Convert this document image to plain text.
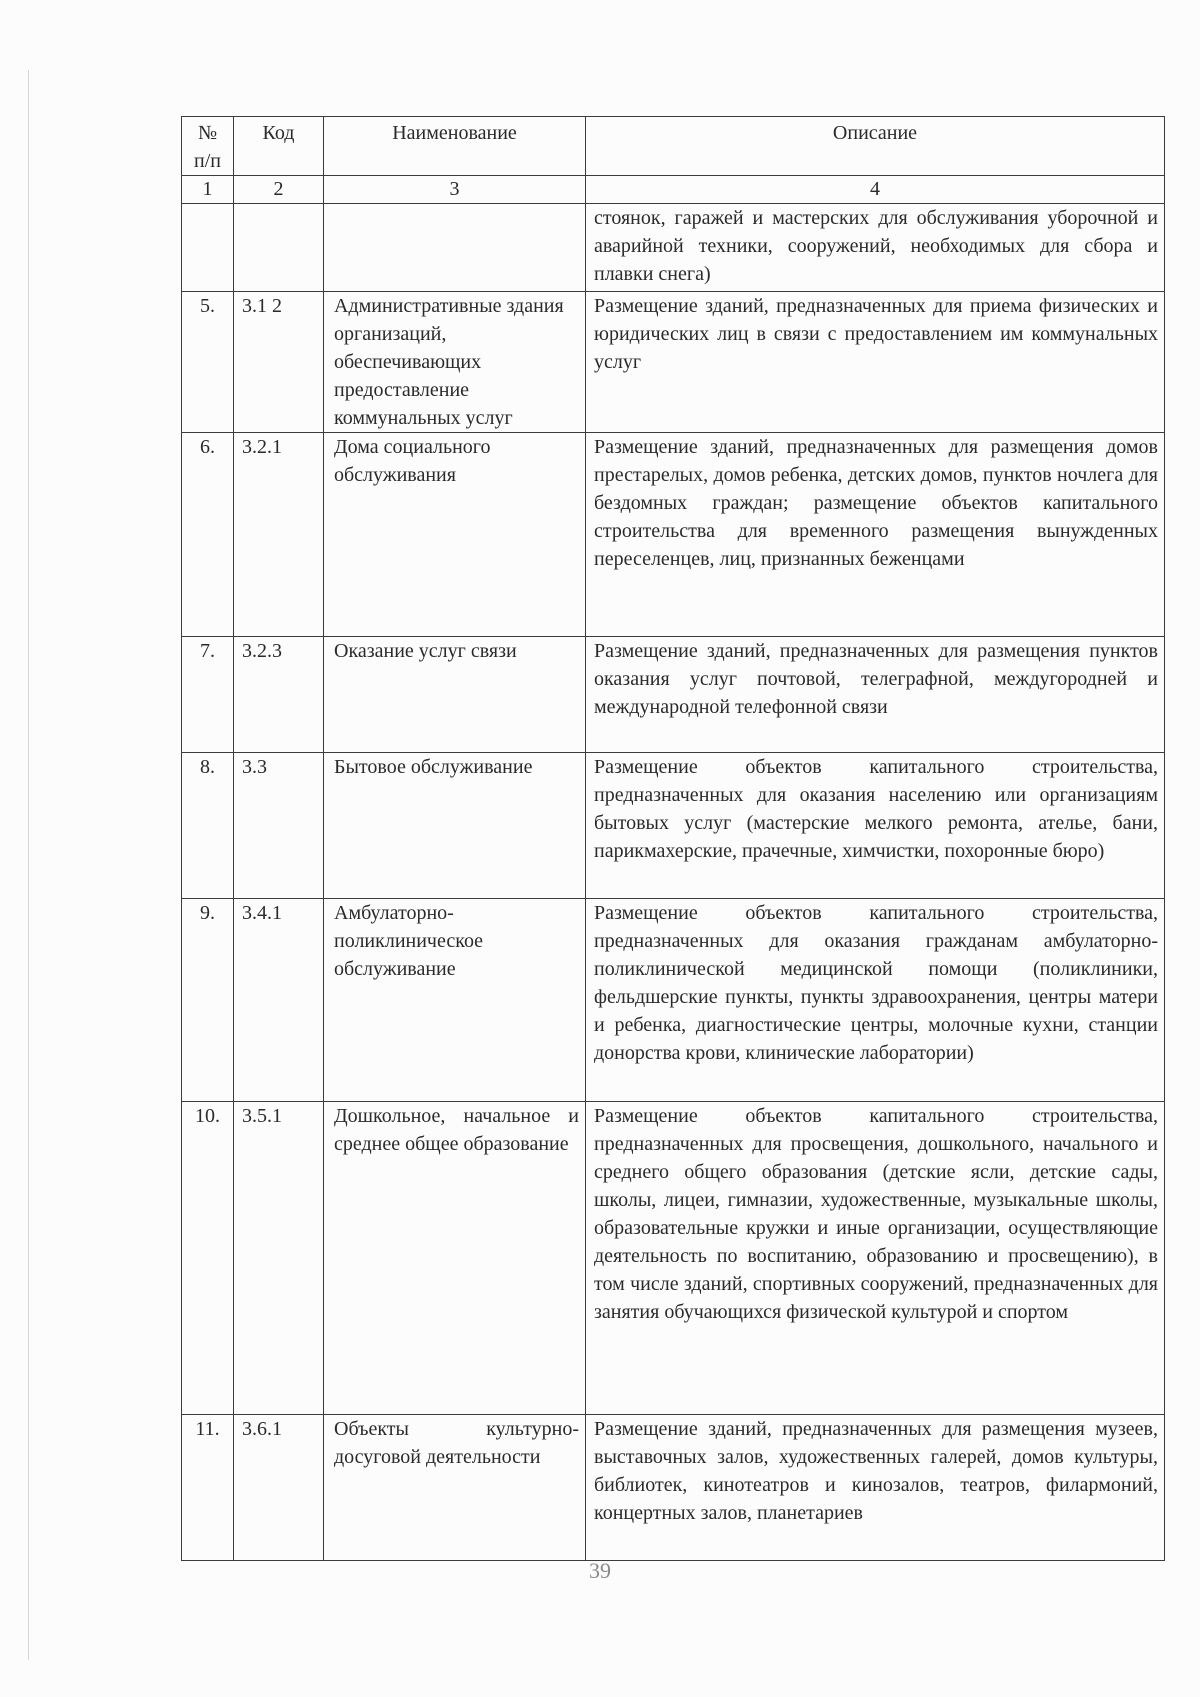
№ п/п	Код	Наименование	Описание
1	2	3	4
			стоянок, гаражей и мастерских для обслуживания уборочной и аварийной техники, сооружений, необходимых для сбора и плавки снега)
5.	3.1 2	Административные здания организаций, обеспечивающих предоставление коммунальных услуг	Размещение зданий, предназначенных для приема физических и юридических лиц в связи с предоставлением им коммунальных услуг
6.	3.2.1	Дома социального обслуживания	Размещение зданий, предназначенных для размещения домов престарелых, домов ребенка, детских домов, пунктов ночлега для бездомных граждан; размещение объектов капитального строительства для временного размещения вынужденных переселенцев, лиц, признанных беженцами
7.	3.2.3	Оказание услуг связи	Размещение зданий, предназначенных для размещения пунктов оказания услуг почтовой, телеграфной, междугородней и международной телефонной связи
8.	3.3	Бытовое обслуживание	Размещение объектов капитального строительства, предназначенных для оказания населению или организациям бытовых услуг (мастерские мелкого ремонта, ателье, бани, парикмахерские, прачечные, химчистки, похоронные бюро)
9.	3.4.1	Амбулаторно-поликлиническое обслуживание	Размещение объектов капитального строительства, предназначенных для оказания гражданам амбулаторно-поликлинической медицинской помощи (поликлиники, фельдшерские пункты, пункты здравоохранения, центры матери и ребенка, диагностические центры, молочные кухни, станции донорства крови, клинические лаборатории)
10.	3.5.1	Дошкольное, начальное и среднее общее образование	Размещение объектов капитального строительства, предназначенных для просвещения, дошкольного, начального и среднего общего образования (детские ясли, детские сады, школы, лицеи, гимназии, художественные, музыкальные школы, образовательные кружки и иные организации, осуществляющие деятельность по воспитанию, образованию и просвещению), в том числе зданий, спортивных сооружений, предназначенных для занятия обучающихся физической культурой и спортом
11.	3.6.1	Объекты культурно-досуговой деятельности	Размещение зданий, предназначенных для размещения музеев, выставочных залов, художественных галерей, домов культуры, библиотек, кинотеатров и кинозалов, театров, филармоний, концертных залов, планетариев
39
